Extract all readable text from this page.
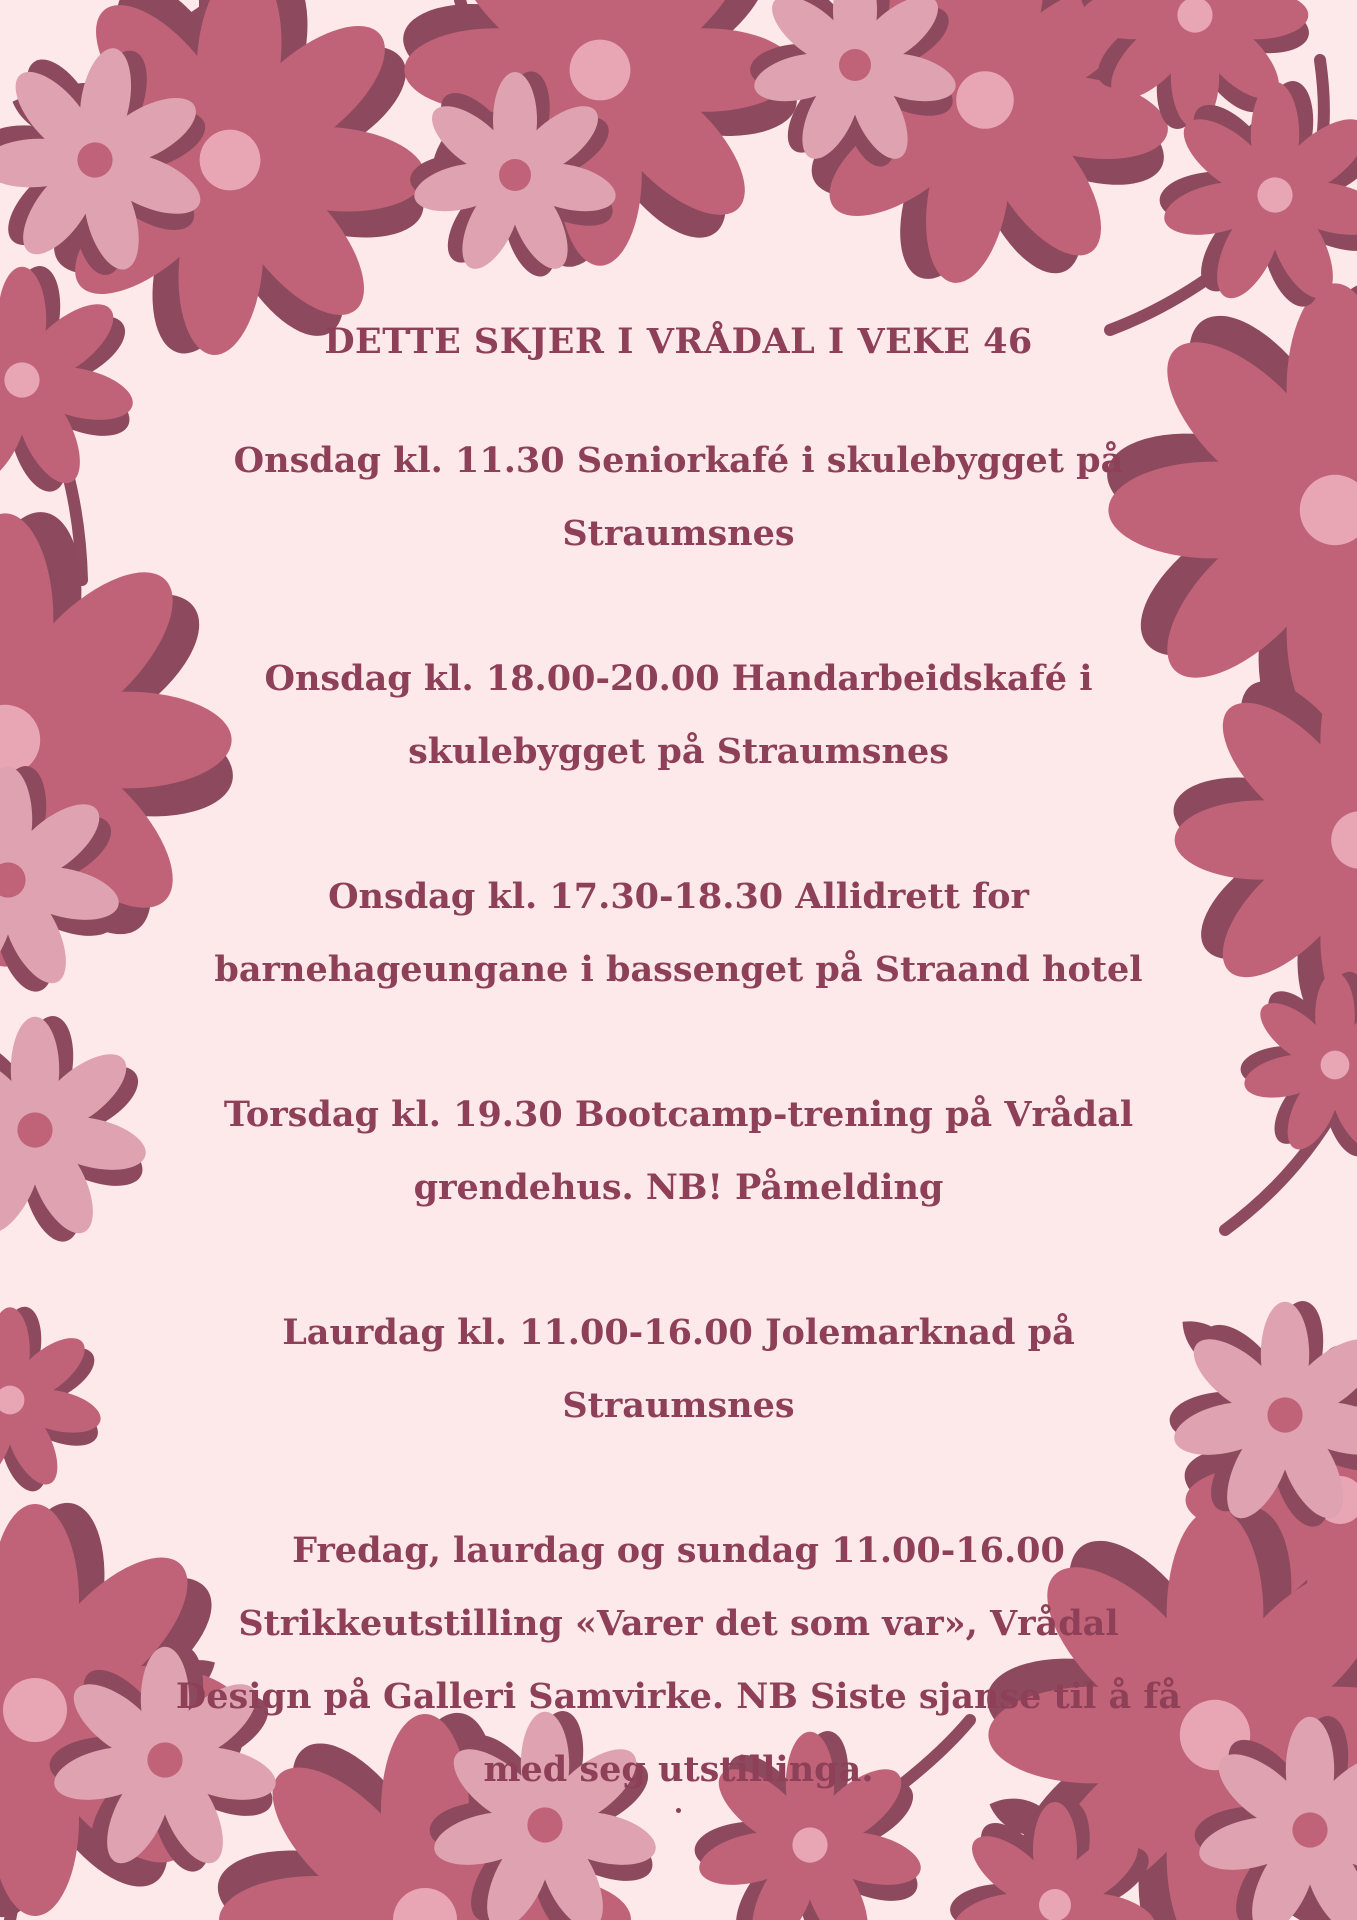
DETTE SKJER I VRÅDAL I VEKE 46
Onsdag kl. 11.30 Seniorkafé i skulebygget på Straumsnes
Onsdag kl. 18.00-20.00 Handarbeidskafé i skulebygget på Straumsnes
Onsdag kl. 17.30-18.30 Allidrett for barnehageungane i bassenget på Straand hotel
Torsdag kl. 19.30 Bootcamp-trening på Vrådal grendehus. NB! Påmelding
Laurdag kl. 11.00-16.00 Jolemarknad på Straumsnes
Fredag, laurdag og sundag 11.00-16.00 Strikkeutstilling «Varer det som var», Vrådal Design på Galleri Samvirke. NB Siste sjanse til å få med seg utstillinga.
